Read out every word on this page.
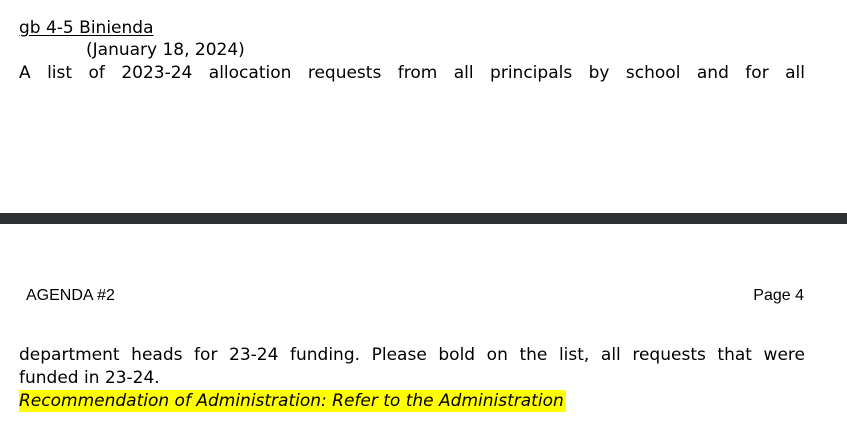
gb 4-5 Binienda
(January 18, 2024)
A list of 2023-24 allocation requests from all principals by school and for all
AGENDA #2	Page 4
department heads for 23-24 funding. Please bold on the list, all requests that were
funded in 23-24.
Recommendation of Administration: Refer to the Administration
